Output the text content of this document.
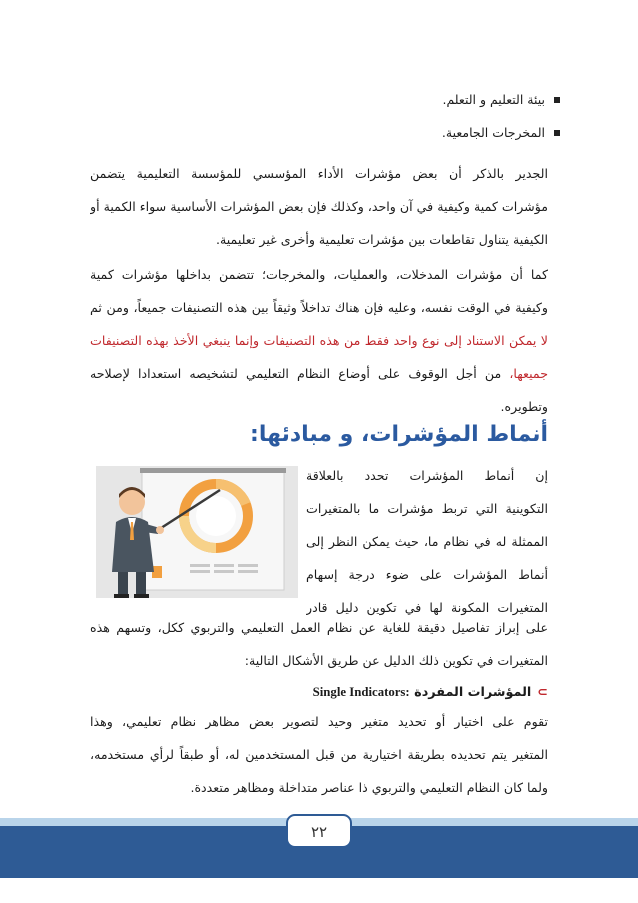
بيئة التعليم و التعلم.
المخرجات الجامعية.
الجدير بالذكر أن بعض مؤشرات الأداء المؤسسي للمؤسسة التعليمية يتضمن
مؤشرات كمية وكيفية في آن واحد، وكذلك فإن بعض المؤشرات الأساسية سواء الكمية أو
الكيفية يتناول تقاطعات بين مؤشرات تعليمية وأخرى غير تعليمية.
كما أن مؤشرات المدخلات، والعمليات، والمخرجات؛ تتضمن بداخلها مؤشرات كمية
وكيفية في الوقت نفسه، وعليه فإن هناك تداخلاً وثيقاً بين هذه التصنيفات جميعاً، ومن ثم
لا يمكن الاستناد إلى نوع واحد فقط من هذه التصنيفات وإنما ينبغي الأخذ بهذه التصنيفات
جميعها، من أجل الوقوف على أوضاع النظام التعليمي لتشخيصه استعدادا لإصلاحه
وتطويره.
أنماط المؤشرات، و مبادئها:
إن أنماط المؤشرات تحدد بالعلاقة
التكوينية التي تربط مؤشرات ما بالمتغيرات
الممثلة له في نظام ما، حيث يمكن النظر إلى
أنماط المؤشرات على ضوء درجة إسهام
المتغيرات المكونة لها في تكوين دليل قادر
على إبراز تفاصيل دقيقة للغاية عن نظام العمل التعليمي والتربوي ككل، وتسهم هذه
المتغيرات في تكوين ذلك الدليل عن طريق الأشكال التالية:
⊃المؤشرات المفردة Single Indicators:
تقوم على اختيار أو تحديد متغير وحيد لتصوير بعض مظاهر نظام تعليمي، وهذا
المتغير يتم تحديده بطريقة اختيارية من قبل المستخدمين له، أو طبقاً لرأي مستخدمه،
ولما كان النظام التعليمي والتربوي ذا عناصر متداخلة ومظاهر متعددة.
٢٢
